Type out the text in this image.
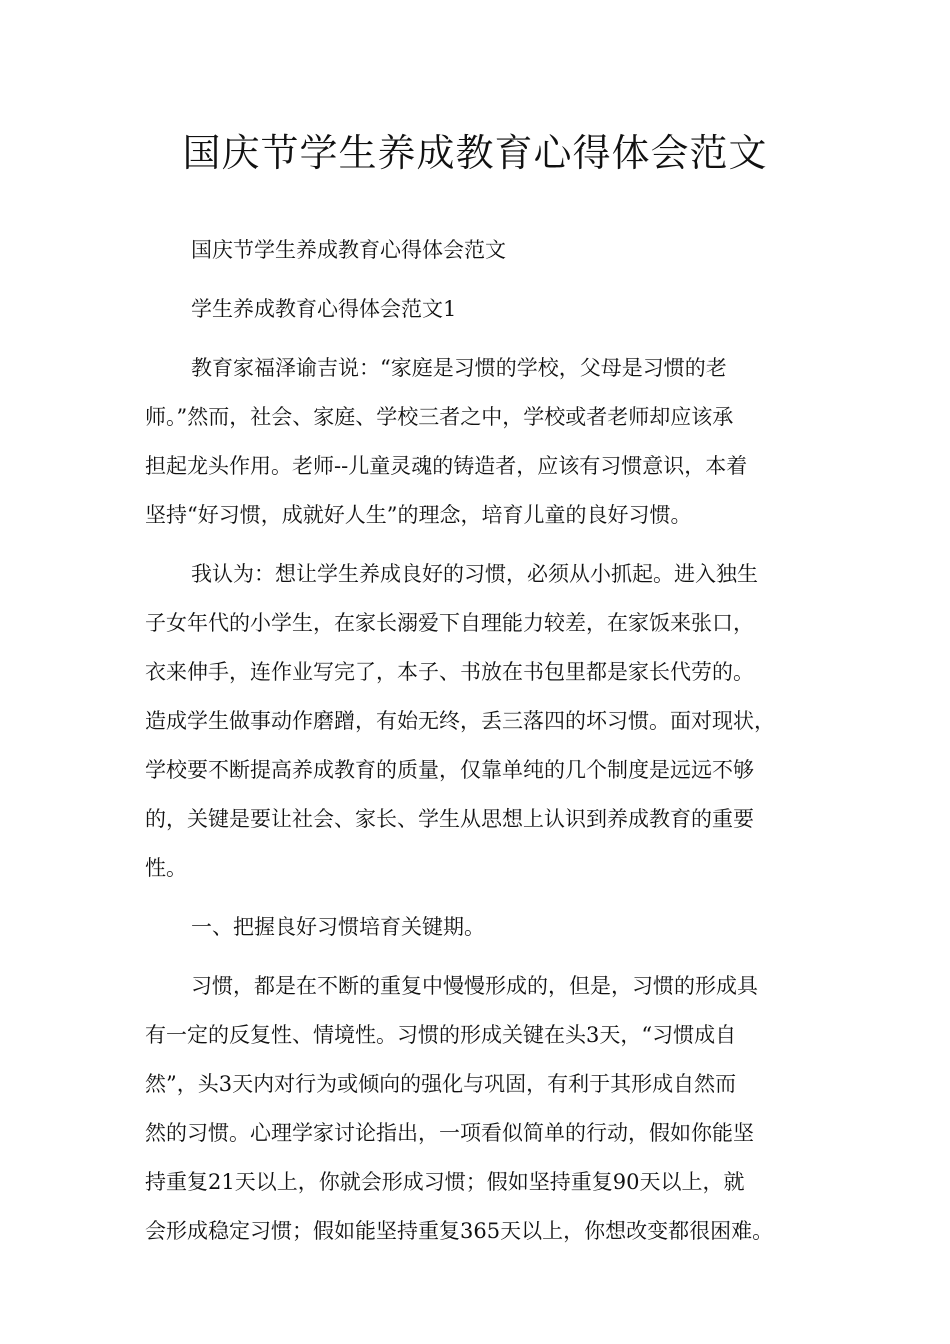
国庆节学生养成教育心得体会范文

国庆节学生养成教育心得体会范文

学生养成教育心得体会范文1

教育家福泽谕吉说：“家庭是习惯的学校，父母是习惯的老

师。”然而，社会、家庭、学校三者之中，学校或者老师却应该承

担起龙头作用。老师--儿童灵魂的铸造者，应该有习惯意识，本着

坚持“好习惯，成就好人生”的理念，培育儿童的良好习惯。

我认为：想让学生养成良好的习惯，必须从小抓起。进入独生

子女年代的小学生，在家长溺爱下自理能力较差，在家饭来张口，

衣来伸手，连作业写完了，本子、书放在书包里都是家长代劳的。

造成学生做事动作磨蹭，有始无终，丢三落四的坏习惯。面对现状，

学校要不断提高养成教育的质量，仅靠单纯的几个制度是远远不够

的，关键是要让社会、家长、学生从思想上认识到养成教育的重要

性。

一、把握良好习惯培育关键期。

习惯，都是在不断的重复中慢慢形成的，但是，习惯的形成具

有一定的反复性、情境性。习惯的形成关键在头3天，“习惯成自

然”，头3天内对行为或倾向的强化与巩固，有利于其形成自然而

然的习惯。心理学家讨论指出，一项看似简单的行动，假如你能坚

持重复21天以上，你就会形成习惯；假如坚持重复90天以上，就

会形成稳定习惯；假如能坚持重复365天以上，你想改变都很困难。
